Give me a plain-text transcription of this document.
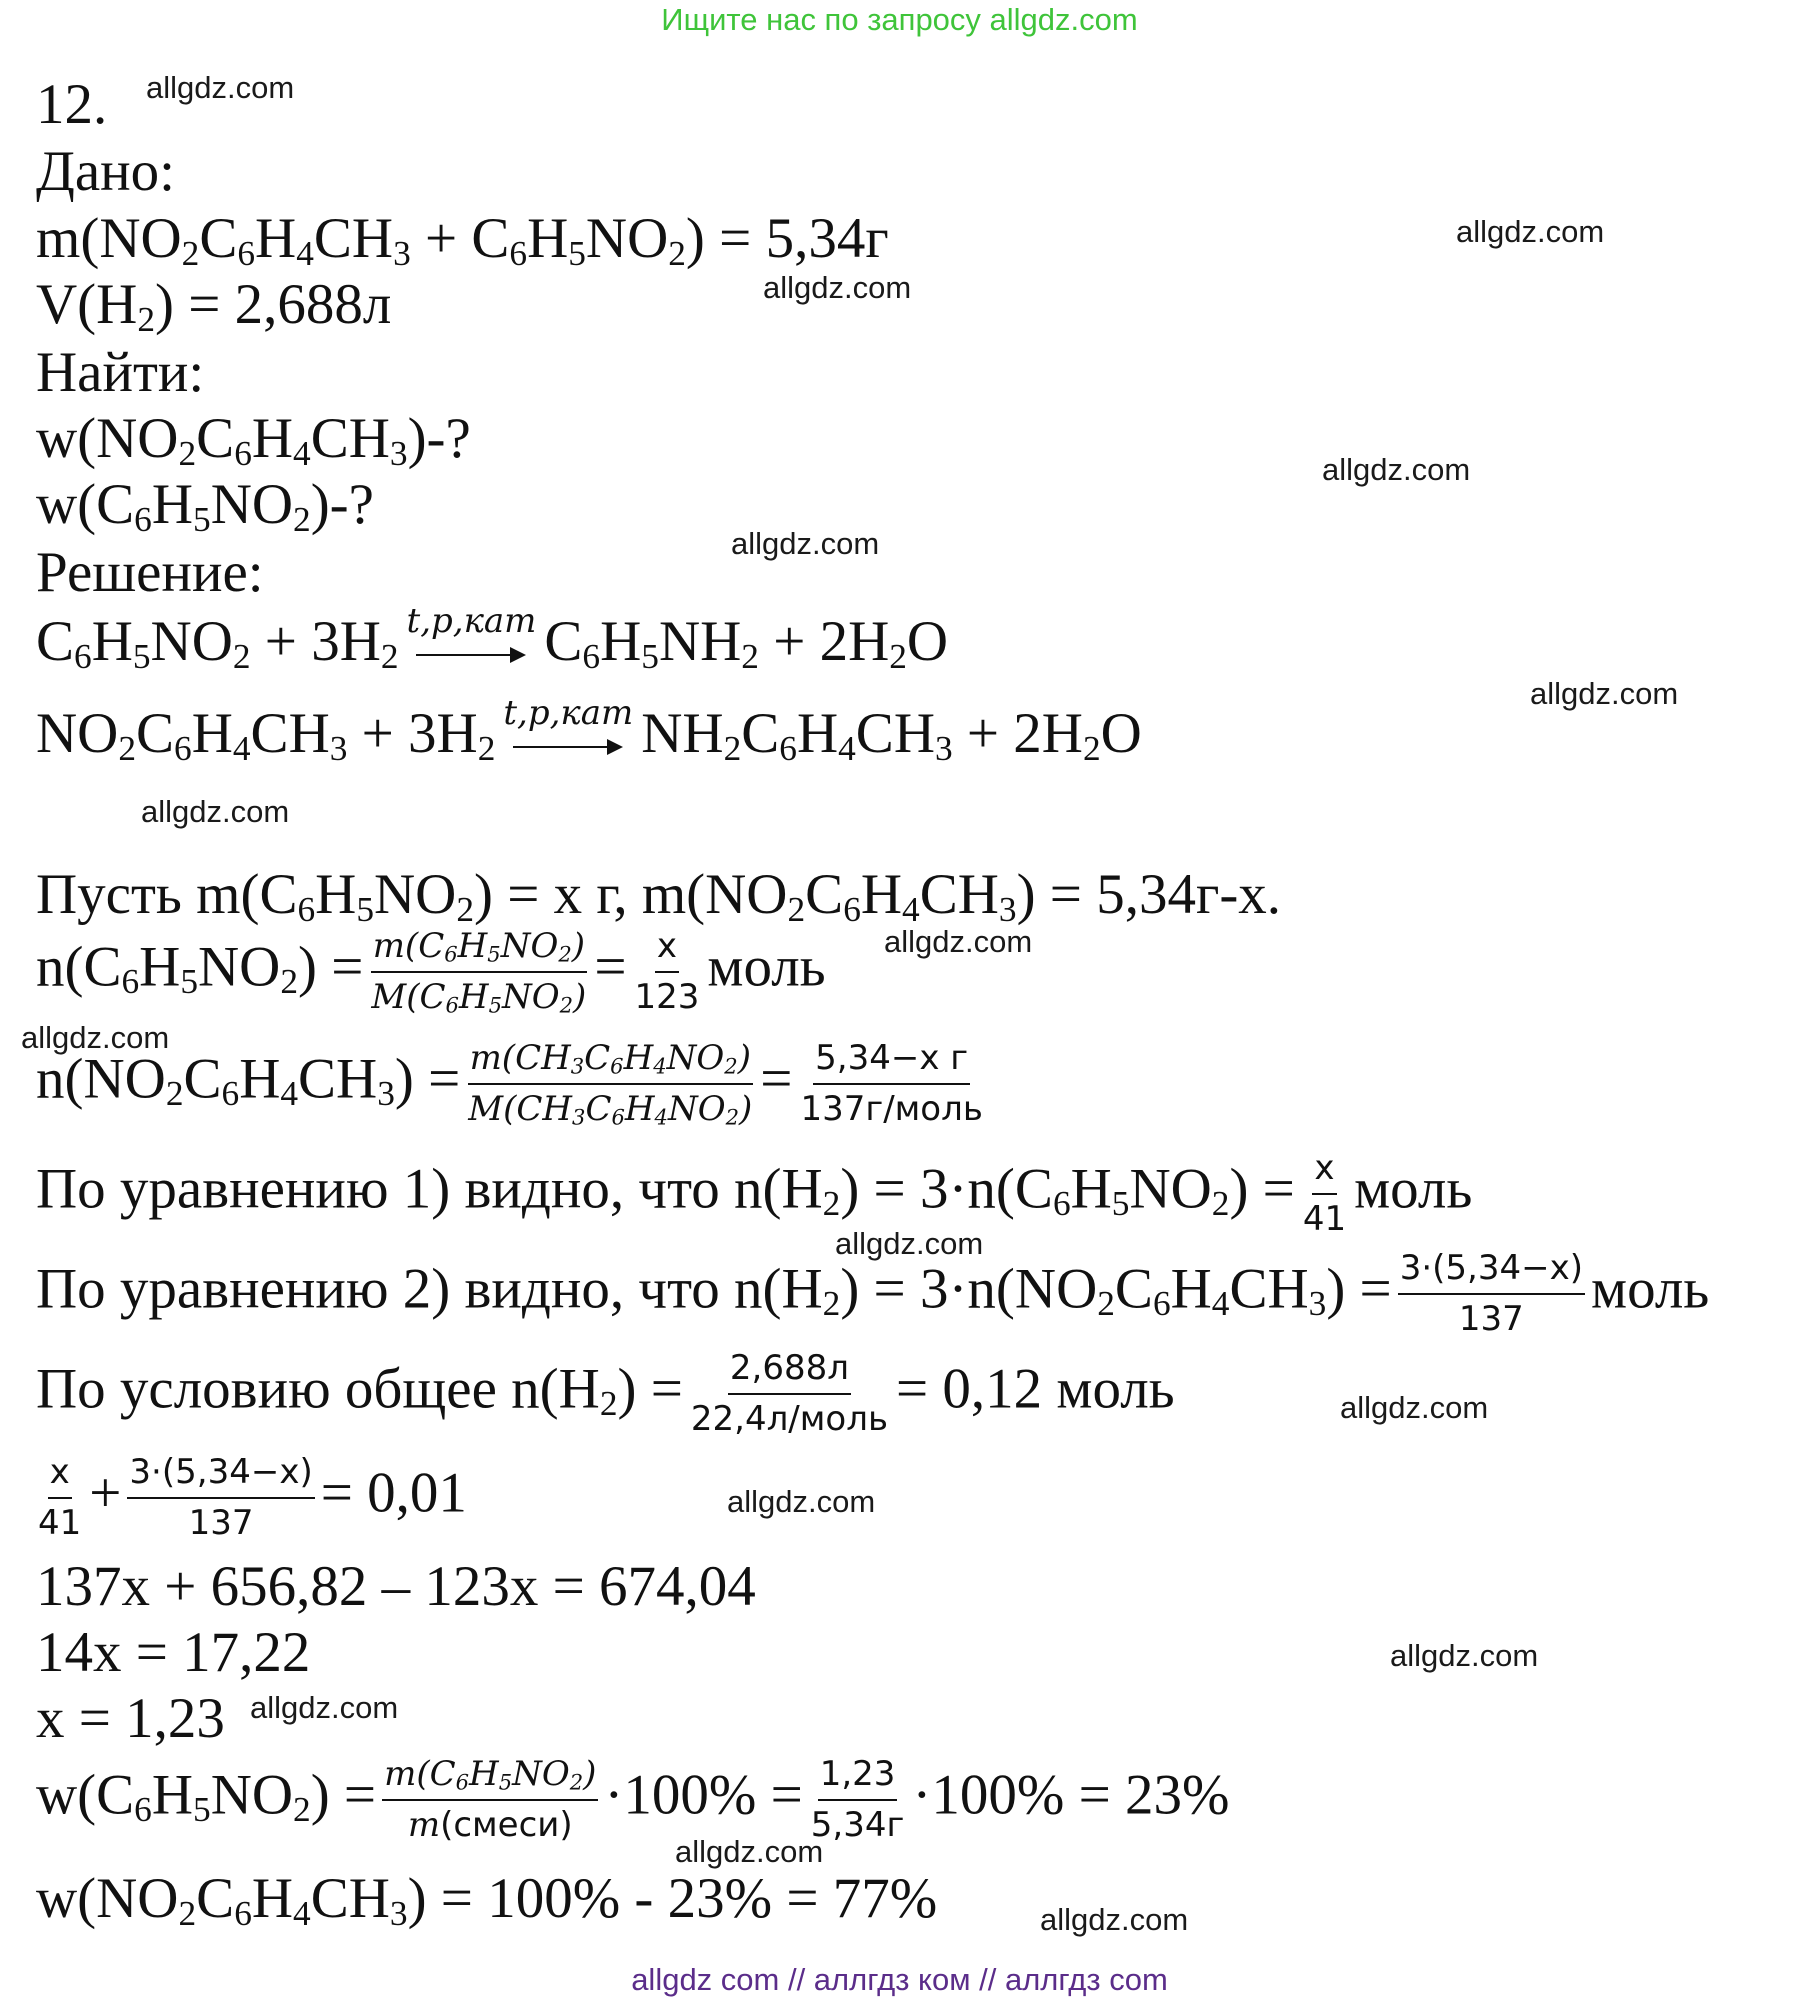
Ищите нас по запросу allgdz.com
allgdz.com
allgdz.com
allgdz.com
allgdz.com
allgdz.com
allgdz.com
allgdz.com
allgdz.com
allgdz.com
allgdz.com
allgdz.com
allgdz.com
allgdz.com
allgdz.com
allgdz.com
allgdz.com
12.
Дано:
$m(NO_2C_6H_4CH_3 + C_6H_5NO_2) = 5,34г$
$V(H_2) = 2,688л$
Найти:
$w(NO_2C_6H_4CH_3)-$?
$w(C_6H_5NO_2)-$?
Решение:
$C_6H_5NO_2 + 3H_2$
t,p,кат $C_6H_5NH_2 + 2H_2O$
$NO_2C_6H_4CH_3 + 3H_2$
t,p,кат $NH_2C_6H_4CH_3 + 2H_2O$
Пусть $m(C_6H_5NO_2) = x$ г, $m(NO_2C_6H_4CH_3) = 5,34г-x$.
$n(C_6H_5NO_2) = \frac{m(C_6H_5NO_2)}{M(C_6H_5NO_2)} = \frac{x}{123}$ моль
$n(NO_2C_6H_4CH_3) = \frac{m(CH_3C_6H_4NO_2)}{M(CH_3C_6H_4NO_2)} = \frac{\text{5,34−x г}}{\text{137г/моль}}$
По уравнению 1) видно, что $n(H_2) = 3\cdot n(C_6H_5NO_2) = \frac{x}{41}$ моль
По уравнению 2) видно, что $n(H_2) = 3\cdot n(NO_2C_6H_4CH_3) = \frac{3\cdot(5,34-x)}{137}$ моль
По условию общее $n(H_2) = \frac{2,688л}{\text{22,4л/моль}} = 0,12$ моль
$\frac{x}{41} + \frac{3\cdot(5,34-x)}{137} = 0,01$
137x + 656,82 – 123x = 674,04
14x = 17,22
x = 1,23
$w(C_6H_5NO_2) = \frac{m(C_6H_5NO_2)}{\text{m(смеси)}} \cdot 100\% = \frac{1,23}{5,34г} \cdot 100\% = 23\%$
$w(NO_2C_6H_4CH_3) = 100\% - 23\% = 77\%$
allgdz com // аллгдз ком // аллгдз com
